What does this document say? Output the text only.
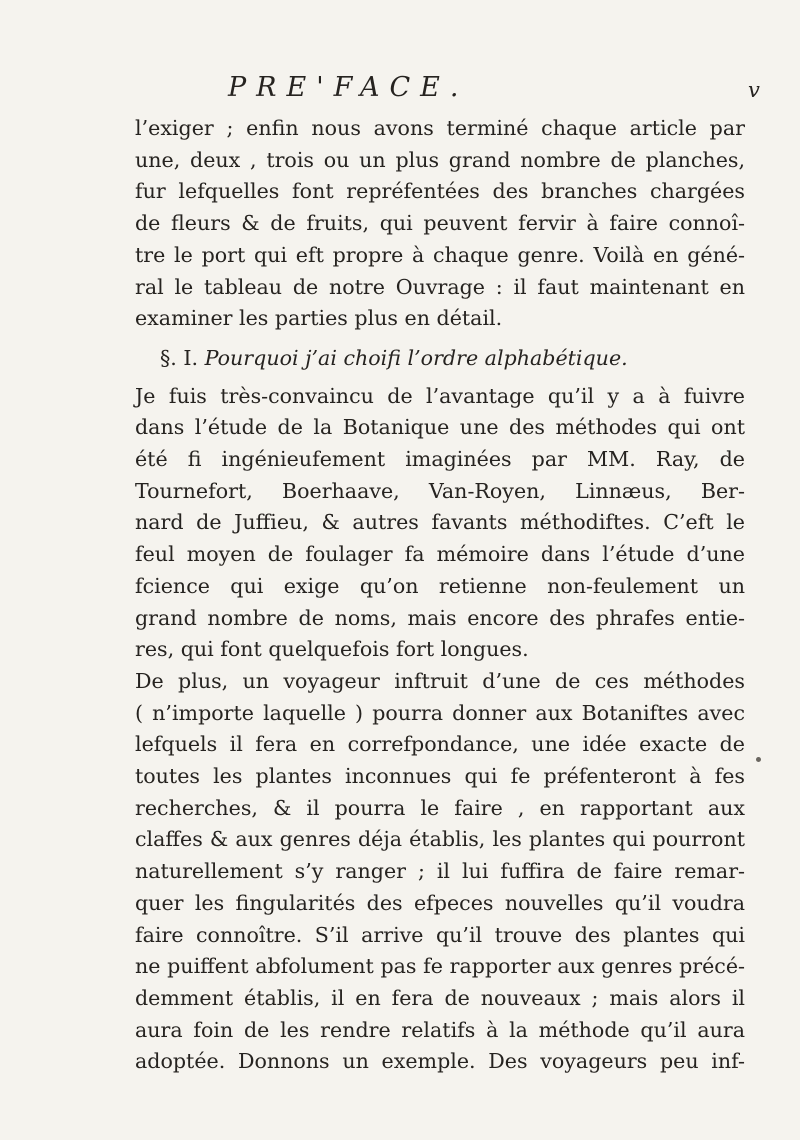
PRE'FACE.	v
l’exiger ; enfin nous avons terminé chaque article par
une, deux , trois ou un plus grand nombre de planches,
fur lefquelles font repréfentées des branches chargées
de fleurs & de fruits, qui peuvent fervir à faire connoî-
tre le port qui eft propre à chaque genre. Voilà en géné-
ral le tableau de notre Ouvrage : il faut maintenant en
examiner les parties plus en détail.
§. I. Pourquoi j’ai choifi l’ordre alphabétique.
Je fuis très-convaincu de l’avantage qu’il y a à fuivre
dans l’étude de la Botanique une des méthodes qui ont
été fi ingénieufement imaginées par MM. Ray, de
Tournefort, Boerhaave, Van-Royen, Linnæus, Ber-
nard de Juffieu, & autres favants méthodiftes. C’eft le
feul moyen de foulager fa mémoire dans l’étude d’une
fcience qui exige qu’on retienne non-feulement un
grand nombre de noms, mais encore des phrafes entie-
res, qui font quelquefois fort longues.
De plus, un voyageur inftruit d’une de ces méthodes
( n’importe laquelle ) pourra donner aux Botaniftes avec
lefquels il fera en correfpondance, une idée exacte de
toutes les plantes inconnues qui fe préfenteront à fes
recherches, & il pourra le faire , en rapportant aux
claffes & aux genres déja établis, les plantes qui pourront
naturellement s’y ranger ; il lui fuffira de faire remar-
quer les fingularités des efpeces nouvelles qu’il voudra
faire connoître. S’il arrive qu’il trouve des plantes qui
ne puiffent abfolument pas fe rapporter aux genres précé-
demment établis, il en fera de nouveaux ; mais alors il
aura foin de les rendre relatifs à la méthode qu’il aura
adoptée. Donnons un exemple. Des voyageurs peu inf-
